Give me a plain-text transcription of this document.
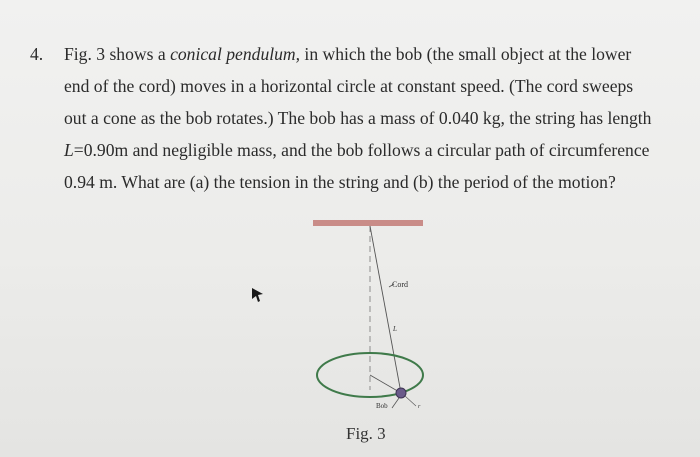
4. Fig. 3 shows a conical pendulum, in which the bob (the small object at the lower
end of the cord) moves in a horizontal circle at constant speed. (The cord sweeps
out a cone as the bob rotates.) The bob has a mass of 0.040 kg, the string has length
L=0.90m and negligible mass, and the bob follows a circular path of circumference
0.94 m. What are (a) the tension in the string and (b) the period of the motion?
Cord
L
Bob	r
Fig. 3
